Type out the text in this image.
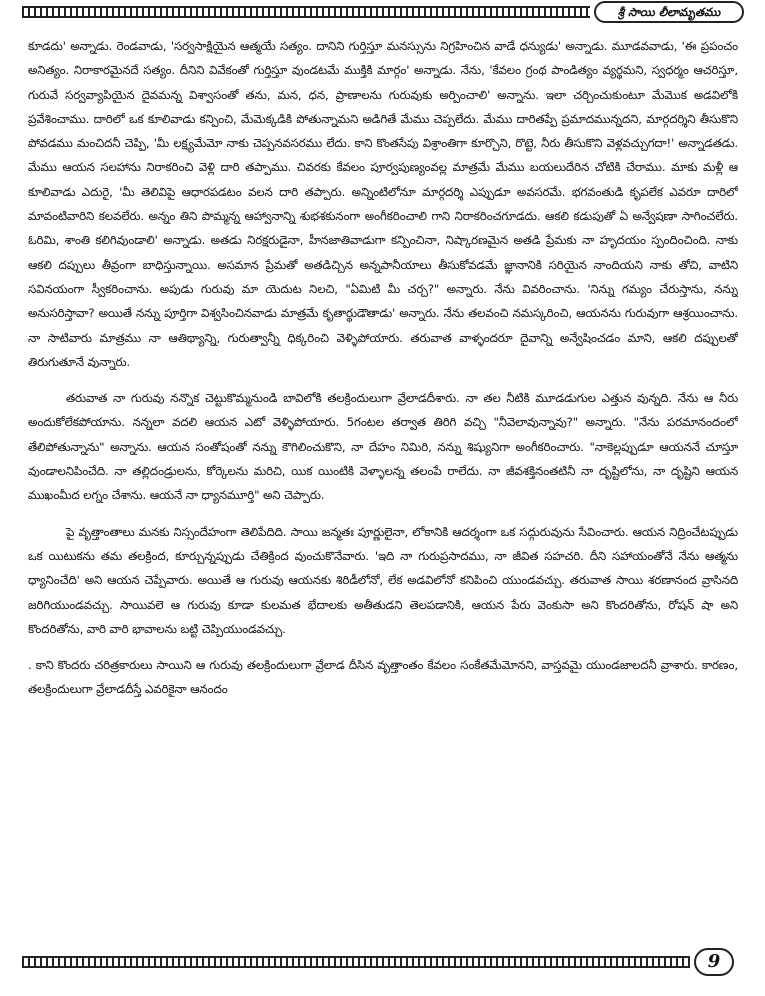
శ్రీ సాయి లీలామృతము

కూడదు' అన్నాడు. రెండవాడు, 'సర్వసాక్షియైన ఆత్మయే సత్యం. దానిని గుర్తిస్తూ మనస్సును నిగ్రహించిన వాడే ధన్యుడు' అన్నాడు. మూడవవాడు, 'ఈ ప్రపంచం అనిత్యం. నిరాకారమైనదే సత్యం. దీనిని వివేకంతో గుర్తిస్తూ వుండటమే ముక్తికి మార్గం' అన్నాడు. నేను, 'కేవలం గ్రంథ పాండిత్యం వ్యర్థమని, స్వధర్మం ఆచరిస్తూ, గురువే సర్వవ్యాపియైన దైవమన్న విశ్వాసంతో తను, మన, ధన, ప్రాణాలను గురువుకు అర్పించాలి' అన్నాను. ఇలా చర్చించుకుంటూ మేమొక అడవిలోకి ప్రవేశించాము. దారిలో ఒక కూలివాడు కన్పించి, మేమెక్కడికి పోతున్నామని అడిగితే మేము చెప్పలేదు. మేము దారితప్పే ప్రమాదమున్నదని, మార్గదర్శిని తీసుకొని పోవడము మంచిదనీ చెప్పి, 'మీ లక్ష్యమేమో నాకు చెప్పనవసరము లేదు. కాని కొంతసేపు విశ్రాంతిగా కూర్చొని, రొట్టె, నీరు తీసుకొని వెళ్లవచ్చుగదా!' అన్నాడతడు. మేము ఆయన సలహాను నిరాకరించి వెళ్లి దారి తప్పాము. చివరకు కేవలం పూర్వపుణ్యంవల్ల మాత్రమే మేము బయలుదేరిన చోటికి చేరాము. మాకు మళ్లీ ఆ కూలివాడు ఎదురై, 'మీ తెలివిపై ఆధారపడటం వలన దారి తప్పారు. అన్నింటిలోనూ మార్గదర్శి ఎప్పుడూ అవసరమే. భగవంతుడి కృపలేక ఎవరూ దారిలో మావంటివారిని కలవలేరు. అన్నం తిని పొమ్మన్న ఆహ్వానాన్ని శుభశకునంగా అంగీకరించాలి గాని నిరాకరించగూడదు. ఆకలి కడుపుతో ఏ అన్వేషణా సాగించలేరు. ఓరిమి, శాంతి కలిగివుండాలి' అన్నాడు. అతడు నిరక్షరుడైనా, హీనజాతివాడుగా కన్పించినా, నిష్కారణమైన అతడి ప్రేమకు నా హృదయం స్పందించింది. నాకు ఆకలి దప్పులు తీవ్రంగా బాధిస్తున్నాయి. అసమాన ప్రేమతో అతడిచ్చిన అన్నపానీయాలు తీసుకోవడమే జ్ఞానానికి సరియైన నాందియని నాకు తోచి, వాటిని సవినయంగా స్వీకరించాను. అపుడు గురువు మా యెదుట నిలచి, "ఏమిటి మీ చర్చ?" అన్నారు. నేను వివరించాను. 'నిన్ను గమ్యం చేరుస్తాను, నన్ను అనుసరిస్తావా? అయితే నన్ను పూర్తిగా విశ్వసించినవాడు మాత్రమే కృతార్థుడౌతాడు' అన్నారు. నేను తలవంచి నమస్కరించి, ఆయనను గురువుగా ఆశ్రయించాను. నా సాటివారు మాత్రము నా ఆతిథ్యాన్ని, గురుత్వాన్నీ ధిక్కరించి వెళ్ళిపోయారు. తరువాత వాళ్ళందరూ దైవాన్ని అన్వేషించడం మాని, ఆకలి దప్పులతో తిరుగుతూనే వున్నారు.

తరువాత నా గురువు నన్నొక చెట్టుకొమ్మనుండి బావిలోకి తలక్రిందులుగా వ్రేలాడదీశారు. నా తల నీటికి మూడడుగుల ఎత్తున వున్నది. నేను ఆ నీరు అందుకోలేకపోయాను. నన్నలా వదలి ఆయన ఎటో వెళ్ళిపోయారు. 5గంటల తర్వాత తిరిగి వచ్చి "నీవెలావున్నావు?" అన్నారు. "నేను పరమానందంలో తేలిపోతున్నాను" అన్నాను. ఆయన సంతోషంతో నన్ను కౌగిలించుకొని, నా దేహం నిమిరి, నన్ను శిష్యునిగా అంగీకరించారు. "నాకెల్లప్పుడూ ఆయననే చూస్తూ వుండాలనిపించేది. నా తల్లిదండ్రులను, కోర్కెలను మరిచి, యిక యింటికి వెళ్ళాలన్న తలంపే రాలేదు. నా జీవశక్తినంతటినీ నా దృష్టిలోను, నా దృష్టిని ఆయన ముఖంమీద లగ్నం చేశాను. ఆయనే నా ధ్యానమూర్తి" అని చెప్పారు.

పై వృత్తాంతాలు మనకు నిస్సందేహంగా తెలిపేదిది. సాయి జన్మతః పూర్ణులైనా, లోకానికి ఆదర్శంగా ఒక సద్గురువును సేవించారు. ఆయన నిద్రించేటప్పుడు ఒక యిటుకను తమ తలక్రింద, కూర్చున్నప్పుడు చేతిక్రింద వుంచుకొనేవారు. 'ఇది నా గురుప్రసాదము, నా జీవిత సహచరి. దీని సహాయంతోనే నేను ఆత్మను ధ్యానించేది' అని ఆయన చెప్పేవారు. అయితే ఆ గురువు ఆయనకు శిరిడీలోనో, లేక అడవిలోనో కనిపించి యుండవచ్చు. తరువాత సాయి శరణానంద వ్రాసినది జరిగియుండవచ్చు. సాయివలె ఆ గురువు కూడా కులమత భేదాలకు అతీతుడని తెలపడానికి, ఆయన పేరు వెంకుసా అని కొందరితోను, రోషన్ షా అని కొందరితోను, వారి వారి భావాలను బట్టి చెప్పియుండవచ్చు.

. కాని కొందరు చరిత్రకారులు సాయిని ఆ గురువు తలక్రిందులుగా వ్రేలాడ దీసిన వృత్తాంతం కేవలం సంకేతమేమోనని, వాస్తవమై యుండజాలదనీ వ్రాశారు. కారణం, తలక్రిందులుగా వ్రేలాడదీస్తే ఎవరికైనా ఆనందం

9
